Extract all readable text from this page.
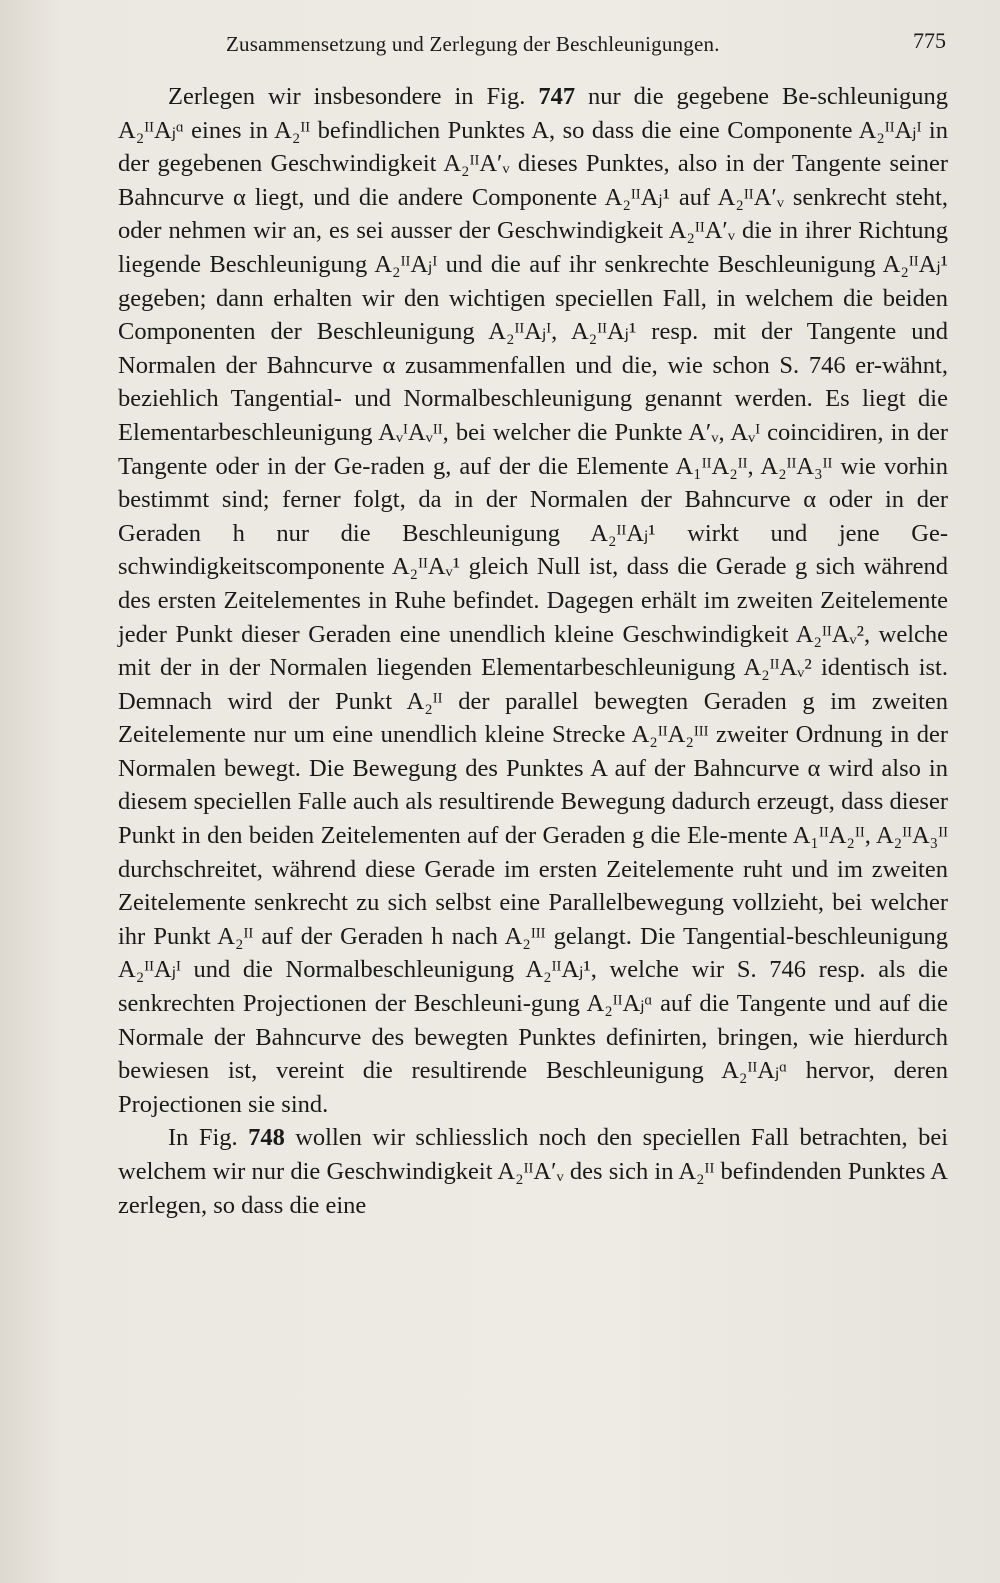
Zusammensetzung und Zerlegung der Beschleunigungen.	775

Zerlegen wir insbesondere in Fig. 747 nur die gegebene Be-schleunigung A₂ᴵᴵAⱼᵅ eines in A₂ᴵᴵ befindlichen Punktes A, so dass die eine Componente A₂ᴵᴵAⱼᴵ in der gegebenen Geschwindigkeit A₂ᴵᴵA′ᵥ dieses Punktes, also in der Tangente seiner Bahncurve α liegt, und die andere Componente A₂ᴵᴵAⱼ¹ auf A₂ᴵᴵA′ᵥ senkrecht steht, oder nehmen wir an, es sei ausser der Geschwindigkeit A₂ᴵᴵA′ᵥ die in ihrer Richtung liegende Beschleunigung A₂ᴵᴵAⱼᴵ und die auf ihr senkrechte Beschleunigung A₂ᴵᴵAⱼ¹ gegeben; dann erhalten wir den wichtigen speciellen Fall, in welchem die beiden Componenten der Beschleunigung A₂ᴵᴵAⱼᴵ, A₂ᴵᴵAⱼ¹ resp. mit der Tangente und Normalen der Bahncurve α zusammenfallen und die, wie schon S. 746 er-wähnt, beziehlich Tangential- und Normalbeschleunigung genannt werden. Es liegt die Elementarbeschleunigung AᵥᴵAᵥᴵᴵ, bei welcher die Punkte A′ᵥ, Aᵥᴵ coincidiren, in der Tangente oder in der Ge-raden g, auf der die Elemente A₁ᴵᴵA₂ᴵᴵ, A₂ᴵᴵA₃ᴵᴵ wie vorhin bestimmt sind; ferner folgt, da in der Normalen der Bahncurve α oder in der Geraden h nur die Beschleunigung A₂ᴵᴵAⱼ¹ wirkt und jene Ge-schwindigkeitscomponente A₂ᴵᴵAᵥ¹ gleich Null ist, dass die Gerade g sich während des ersten Zeitelementes in Ruhe befindet. Dagegen erhält im zweiten Zeitelemente jeder Punkt dieser Geraden eine unendlich kleine Geschwindigkeit A₂ᴵᴵAᵥ², welche mit der in der Normalen liegenden Elementarbeschleunigung A₂ᴵᴵAᵥ² identisch ist. Demnach wird der Punkt A₂ᴵᴵ der parallel bewegten Geraden g im zweiten Zeitelemente nur um eine unendlich kleine Strecke A₂ᴵᴵA₂ᴵᴵᴵ zweiter Ordnung in der Normalen bewegt. Die Bewegung des Punktes A auf der Bahncurve α wird also in diesem speciellen Falle auch als resultirende Bewegung dadurch erzeugt, dass dieser Punkt in den beiden Zeitelementen auf der Geraden g die Ele-mente A₁ᴵᴵA₂ᴵᴵ, A₂ᴵᴵA₃ᴵᴵ durchschreitet, während diese Gerade im ersten Zeitelemente ruht und im zweiten Zeitelemente senkrecht zu sich selbst eine Parallelbewegung vollzieht, bei welcher ihr Punkt A₂ᴵᴵ auf der Geraden h nach A₂ᴵᴵᴵ gelangt. Die Tangential-beschleunigung A₂ᴵᴵAⱼᴵ und die Normalbeschleunigung A₂ᴵᴵAⱼ¹, welche wir S. 746 resp. als die senkrechten Projectionen der Beschleuni-gung A₂ᴵᴵAⱼᵅ auf die Tangente und auf die Normale der Bahncurve des bewegten Punktes definirten, bringen, wie hierdurch bewiesen ist, vereint die resultirende Beschleunigung A₂ᴵᴵAⱼᵅ hervor, deren Projectionen sie sind.

In Fig. 748 wollen wir schliesslich noch den speciellen Fall betrachten, bei welchem wir nur die Geschwindigkeit A₂ᴵᴵA′ᵥ des sich in A₂ᴵᴵ befindenden Punktes A zerlegen, so dass die eine
